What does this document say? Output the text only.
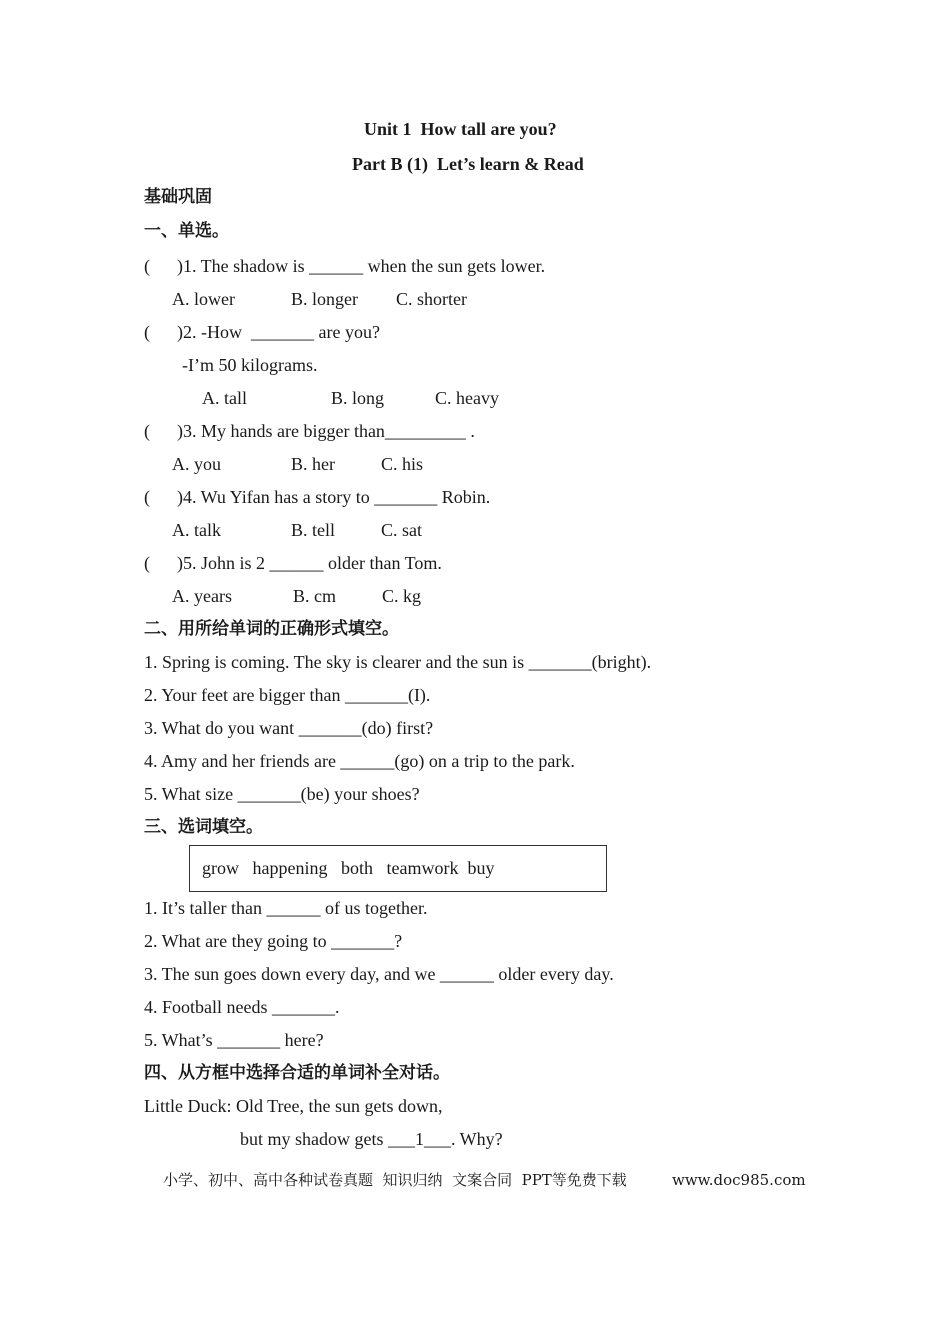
Unit 1  How tall are you?
Part B (1)  Let’s learn & Read
基础巩固
一、单选。
(      )1. The shadow is ______ when the sun gets lower.
A. lower	B. longer C. shorter
(      )2. -How  _______ are you?
-I’m 50 kilograms.
A. tall	B. long	C. heavy
(      )3. My hands are bigger than_________ .
A. you	B. her	C. his
(      )4. Wu Yifan has a story to _______ Robin.
A. talk	B. tell	C. sat
(      )5. John is 2 ______ older than Tom.
A. years	B. cm	C. kg
二、用所给单词的正确形式填空。
1. Spring is coming. The sky is clearer and the sun is _______(bright).
2. Your feet are bigger than _______(I).
3. What do you want _______(do) first?
4. Amy and her friends are ______(go) on a trip to the park.
5. What size _______(be) your shoes?
三、选词填空。
grow   happening   both   teamwork  buy
1. It’s taller than ______ of us together.
2. What are they going to _______?
3. The sun goes down every day, and we ______ older every day.
4. Football needs _______.
5. What’s _______ here?
四、从方框中选择合适的单词补全对话。
Little Duck: Old Tree, the sun gets down,
but my shadow gets ___1___. Why?
小学、初中、高中各种试卷真题  知识归纳  文案合同  PPT等免费下载	www.doc985.com
